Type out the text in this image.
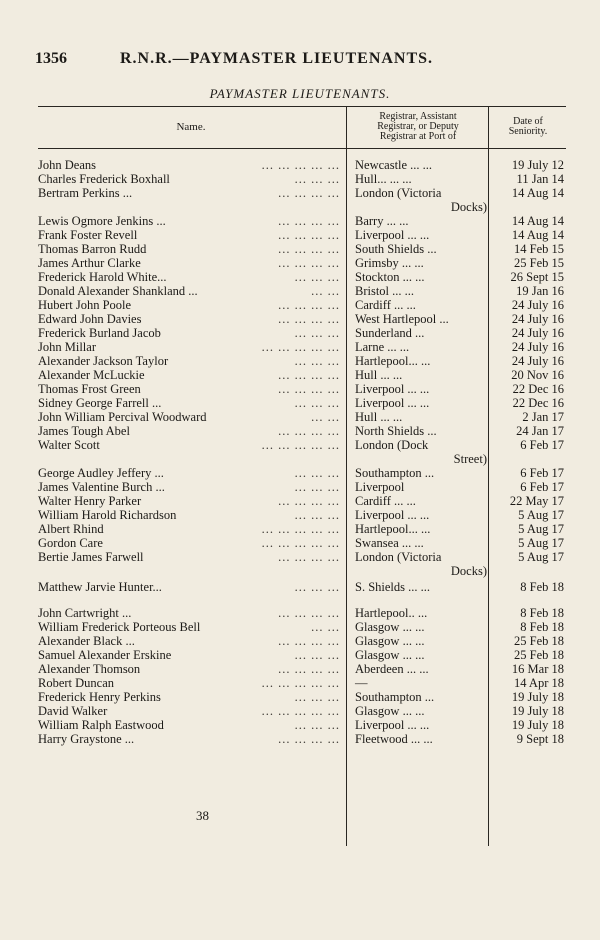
1356	R.N.R.—PAYMASTER LIEUTENANTS.
PAYMASTER LIEUTENANTS.
Name.
Registrar, Assistant
Registrar, or Deputy
Registrar at Port of
Date of
Seniority.
John Deans	... ... ... ... ... Newcastle ... ...	19 July 12
Charles Frederick Boxhall	... ... ... Hull... ... ...	11 Jan 14
Bertram Perkins ...	... ... ... ... London (Victoria	14 Aug 14
Docks)
Lewis Ogmore Jenkins ...	... ... ... ... Barry ... ...	14 Aug 14
Frank Foster Revell	... ... ... ... Liverpool ... ...	14 Aug 14
Thomas Barron Rudd	... ... ... ... South Shields ...	14 Feb 15
James Arthur Clarke	... ... ... ... Grimsby ... ...	25 Feb 15
Frederick Harold White...	... ... ... Stockton ... ...	26 Sept 15
Donald Alexander Shankland ...	... ... Bristol ... ...	19 Jan 16
Hubert John Poole	... ... ... ... Cardiff ... ...	24 July 16
Edward John Davies	... ... ... ... West Hartlepool ...	24 July 16
Frederick Burland Jacob	... ... ... Sunderland ...	24 July 16
John Millar	... ... ... ... ... Larne ... ...	24 July 16
Alexander Jackson Taylor	... ... ... Hartlepool... ...	24 July 16
Alexander McLuckie	... ... ... ... Hull ... ...	20 Nov 16
Thomas Frost Green	... ... ... ... Liverpool ... ...	22 Dec 16
Sidney George Farrell ...	... ... ... Liverpool ... ...	22 Dec 16
John William Percival Woodward	... ... Hull ... ...	2 Jan 17
James Tough Abel	... ... ... ... North Shields ...	24 Jan 17
Walter Scott	... ... ... ... ... London (Dock	6 Feb 17
Street)
George Audley Jeffery ...	... ... ... Southampton ...	6 Feb 17
James Valentine Burch ...	... ... ... Liverpool	6 Feb 17
Walter Henry Parker	... ... ... ... Cardiff ... ...	22 May 17
William Harold Richardson	... ... ... Liverpool ... ...	5 Aug 17
Albert Rhind	... ... ... ... ... Hartlepool... ...	5 Aug 17
Gordon Care	... ... ... ... ... Swansea ... ...	5 Aug 17
Bertie James Farwell	... ... ... ... London (Victoria	5 Aug 17
Docks)
Matthew Jarvie Hunter...	... ... ... S. Shields ... ...	8 Feb 18
John Cartwright ...	... ... ... ... Hartlepool.. ...	8 Feb 18
William Frederick Porteous Bell	... ... Glasgow ... ...	8 Feb 18
Alexander Black ...	... ... ... ... Glasgow ... ...	25 Feb 18
Samuel Alexander Erskine	... ... ... Glasgow ... ...	25 Feb 18
Alexander Thomson	... ... ... ... Aberdeen ... ...	16 Mar 18
Robert Duncan	... ... ... ... ... —	14 Apr 18
Frederick Henry Perkins	... ... ... Southampton ...	19 July 18
David Walker	... ... ... ... ... Glasgow ... ...	19 July 18
William Ralph Eastwood	... ... ... Liverpool ... ...	19 July 18
Harry Graystone ...	... ... ... ... Fleetwood ... ...	9 Sept 18
38
